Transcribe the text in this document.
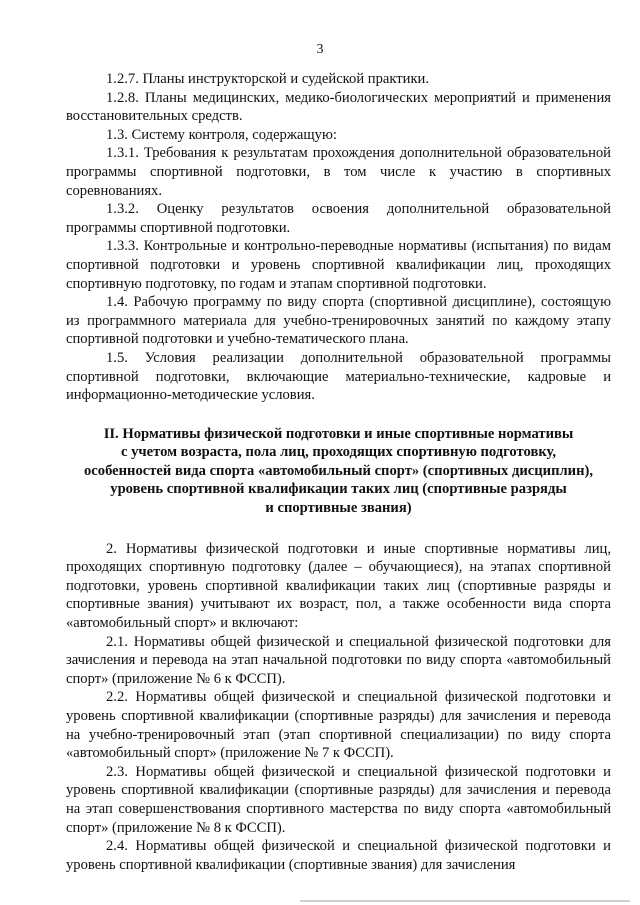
3

1.2.7. Планы инструкторской и судейской практики.

1.2.8. Планы медицинских, медико-биологических мероприятий и применения восстановительных средств.

1.3. Систему контроля, содержащую:

1.3.1. Требования к результатам прохождения дополнительной образовательной программы спортивной подготовки, в том числе к участию в спортивных соревнованиях.

1.3.2. Оценку результатов освоения дополнительной образовательной программы спортивной подготовки.

1.3.3. Контрольные и контрольно-переводные нормативы (испытания) по видам спортивной подготовки и уровень спортивной квалификации лиц, проходящих спортивную подготовку, по годам и этапам спортивной подготовки.

1.4. Рабочую программу по виду спорта (спортивной дисциплине), состоящую из программного материала для учебно-тренировочных занятий по каждому этапу спортивной подготовки и учебно-тематического плана.

1.5. Условия реализации дополнительной образовательной программы спортивной подготовки, включающие материально-технические, кадровые и информационно-методические условия.

II. Нормативы физической подготовки и иные спортивные нормативы
с учетом возраста, пола лиц, проходящих спортивную подготовку,
особенностей вида спорта «автомобильный спорт» (спортивных дисциплин),
уровень спортивной квалификации таких лиц (спортивные разряды
и спортивные звания)

2. Нормативы физической подготовки и иные спортивные нормативы лиц, проходящих спортивную подготовку (далее – обучающиеся), на этапах спортивной подготовки, уровень спортивной квалификации таких лиц (спортивные разряды и спортивные звания) учитывают их возраст, пол, а также особенности вида спорта «автомобильный спорт» и включают:

2.1. Нормативы общей физической и специальной физической подготовки для зачисления и перевода на этап начальной подготовки по виду спорта «автомобильный спорт» (приложение № 6 к ФССП).

2.2. Нормативы общей физической и специальной физической подготовки и уровень спортивной квалификации (спортивные разряды) для зачисления и перевода на учебно-тренировочный этап (этап спортивной специализации) по виду спорта «автомобильный спорт» (приложение № 7 к ФССП).

2.3. Нормативы общей физической и специальной физической подготовки и уровень спортивной квалификации (спортивные разряды) для зачисления и перевода на этап совершенствования спортивного мастерства по виду спорта «автомобильный спорт» (приложение № 8 к ФССП).

2.4. Нормативы общей физической и специальной физической подготовки и уровень спортивной квалификации (спортивные звания) для зачисления
